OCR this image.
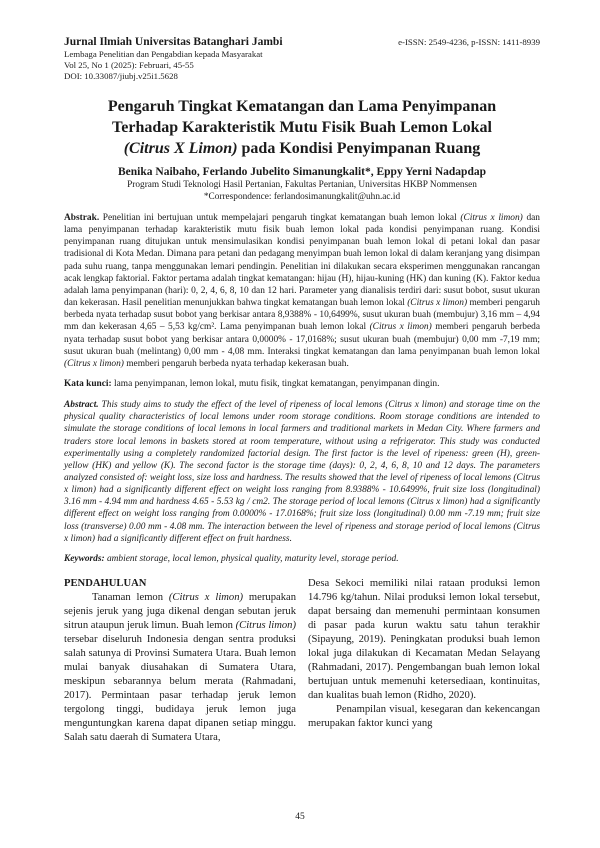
Jurnal Ilmiah Universitas Batanghari Jambi
Lembaga Penelitian dan Pengabdian kepada Masyarakat
Vol 25, No 1 (2025): Februari, 45-55
DOI: 10.33087/jiubj.v25i1.5628
e-ISSN: 2549-4236, p-ISSN: 1411-8939
Pengaruh Tingkat Kematangan dan Lama Penyimpanan
Terhadap Karakteristik Mutu Fisik Buah Lemon Lokal
(Citrus X Limon) pada Kondisi Penyimpanan Ruang
Benika Naibaho, Ferlando Jubelito Simanungkalit*, Eppy Yerni Nadapdap
Program Studi Teknologi Hasil Pertanian, Fakultas Pertanian, Universitas HKBP Nommensen
*Correspondence: ferlandosimanungkalit@uhn.ac.id
Abstrak. Penelitian ini bertujuan untuk mempelajari pengaruh tingkat kematangan buah lemon lokal (Citrus x limon) dan lama penyimpanan terhadap karakteristik mutu fisik buah lemon lokal pada kondisi penyimpanan ruang. Kondisi penyimpanan ruang ditujukan untuk mensimulasikan kondisi penyimpanan buah lemon lokal di petani lokal dan pasar tradisional di Kota Medan. Dimana para petani dan pedagang menyimpan buah lemon lokal di dalam keranjang yang disimpan pada suhu ruang, tanpa menggunakan lemari pendingin. Penelitian ini dilakukan secara eksperimen menggunakan rancangan acak lengkap faktorial. Faktor pertama adalah tingkat kematangan: hijau (H), hijau-kuning (HK) dan kuning (K). Faktor kedua adalah lama penyimpanan (hari): 0, 2, 4, 6, 8, 10 dan 12 hari. Parameter yang dianalisis terdiri dari: susut bobot, susut ukuran dan kekerasan. Hasil penelitian menunjukkan bahwa tingkat kematangan buah lemon lokal (Citrus x limon) memberi pengaruh berbeda nyata terhadap susut bobot yang berkisar antara 8,9388% - 10,6499%, susut ukuran buah (membujur) 3,16 mm – 4,94 mm dan kekerasan 4,65 – 5,53 kg/cm². Lama penyimpanan buah lemon lokal (Citrus x limon) memberi pengaruh berbeda nyata terhadap susut bobot yang berkisar antara 0,0000% - 17,0168%; susut ukuran buah (membujur) 0,00 mm -7,19 mm; susut ukuran buah (melintang) 0,00 mm - 4,08 mm. Interaksi tingkat kematangan dan lama penyimpanan buah lemon lokal (Citrus x limon) memberi pengaruh berbeda nyata terhadap kekerasan buah.
Kata kunci: lama penyimpanan, lemon lokal, mutu fisik, tingkat kematangan, penyimpanan dingin.
Abstract. This study aims to study the effect of the level of ripeness of local lemons (Citrus x limon) and storage time on the physical quality characteristics of local lemons under room storage conditions. Room storage conditions are intended to simulate the storage conditions of local lemons in local farmers and traditional markets in Medan City. Where farmers and traders store local lemons in baskets stored at room temperature, without using a refrigerator. This study was conducted experimentally using a completely randomized factorial design. The first factor is the level of ripeness: green (H), green-yellow (HK) and yellow (K). The second factor is the storage time (days): 0, 2, 4, 6, 8, 10 and 12 days. The parameters analyzed consisted of: weight loss, size loss and hardness. The results showed that the level of ripeness of local lemons (Citrus x limon) had a significantly different effect on weight loss ranging from 8.9388% - 10.6499%, fruit size loss (longitudinal) 3.16 mm - 4.94 mm and hardness 4.65 - 5.53 kg / cm2. The storage period of local lemons (Citrus x limon) had a significantly different effect on weight loss ranging from 0.0000% - 17.0168%; fruit size loss (longitudinal) 0.00 mm -7.19 mm; fruit size loss (transverse) 0.00 mm - 4.08 mm. The interaction between the level of ripeness and storage period of local lemons (Citrus x limon) had a significantly different effect on fruit hardness.
Keywords: ambient storage, local lemon, physical quality, maturity level, storage period.
PENDAHULUAN

Tanaman lemon (Citrus x limon) merupakan sejenis jeruk yang juga dikenal dengan sebutan jeruk sitrun ataupun jeruk limun. Buah lemon (Citrus limon) tersebar diseluruh Indonesia dengan sentra produksi salah satunya di Provinsi Sumatera Utara. Buah lemon mulai banyak diusahakan di Sumatera Utara, meskipun sebarannya belum merata (Rahmadani, 2017). Permintaan pasar terhadap jeruk lemon tergolong tinggi, budidaya jeruk lemon juga menguntungkan karena dapat dipanen setiap minggu. Salah satu daerah di Sumatera Utara,

Desa Sekoci memiliki nilai rataan produksi lemon 14.796 kg/tahun. Nilai produksi lemon lokal tersebut, dapat bersaing dan memenuhi permintaan konsumen di pasar pada kurun waktu satu tahun terakhir (Sipayung, 2019). Peningkatan produksi buah lemon lokal juga dilakukan di Kecamatan Medan Selayang (Rahmadani, 2017). Pengembangan buah lemon lokal bertujuan untuk memenuhi ketersediaan, kontinuitas, dan kualitas buah lemon (Ridho, 2020).

Penampilan visual, kesegaran dan kekencangan merupakan faktor kunci yang

45
